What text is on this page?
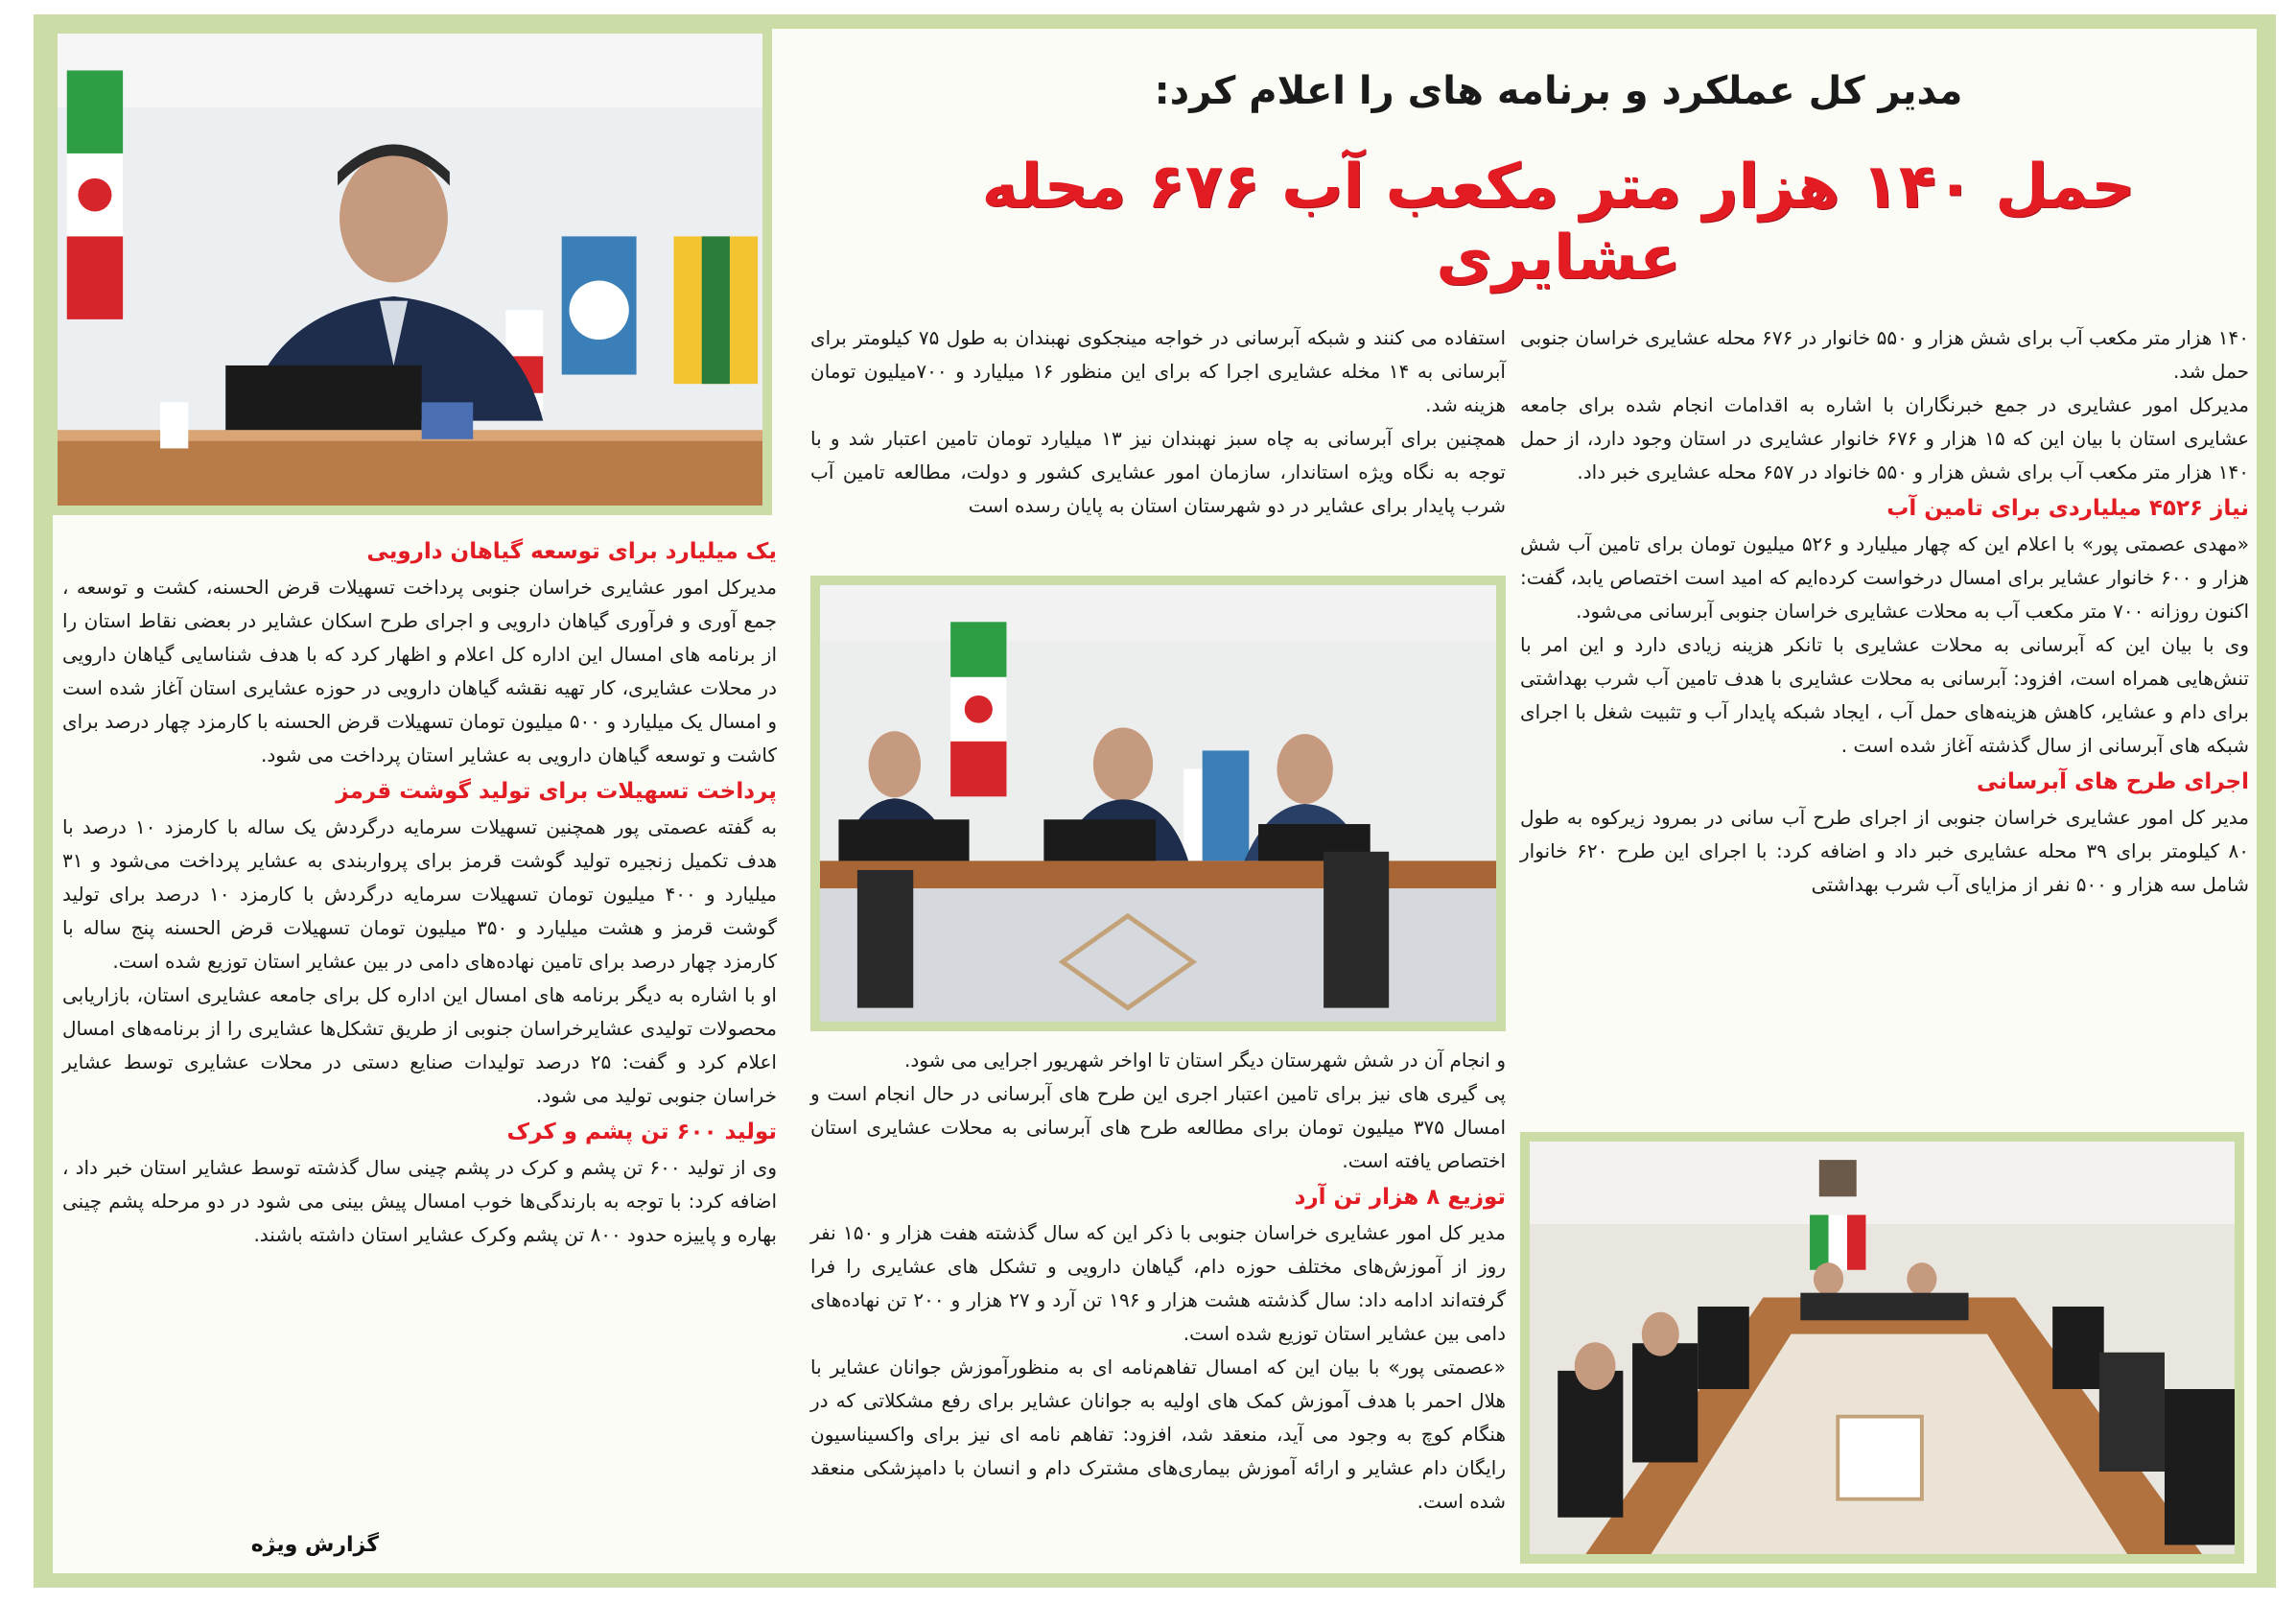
مدیر کل عملکرد و برنامه های را اعلام کرد:
حمل ۱۴۰ هزار متر مکعب آب ۶۷۶ محله عشایری

۱۴۰ هزار متر مکعب آب برای شش هزار و ۵۵۰ خانوار در ۶۷۶ محله عشایری خراسان جنوبی حمل شد.

مدیرکل امور عشایری در جمع خبرنگاران با اشاره به اقدامات انجام شده برای جامعه عشایری استان با بیان این که ۱۵ هزار و ۶۷۶ خانوار عشایری در استان وجود دارد، از حمل ۱۴۰ هزار متر مکعب آب برای شش هزار و ۵۵۰ خانواد در ۶۵۷ محله عشایری خبر داد.

نیاز ۴۵۲۶ میلیاردی برای تامین آب

«مهدی عصمتی پور» با اعلام این که چهار میلیارد و ۵۲۶ میلیون تومان برای تامین آب شش هزار و ۶۰۰ خانوار عشایر برای امسال درخواست کردەایم که امید است اختصاص یابد، گفت: اکنون روزانه ۷۰۰ متر مکعب آب به محلات عشایری خراسان جنوبی آبرسانی می‌شود.

وی با بیان این که آبرسانی به محلات عشایری با تانکر هزینه زیادی دارد و این امر با تنش‌هایی همراه است، افزود: آبرسانی به محلات عشایری با هدف تامین آب شرب بهداشتی برای دام و عشایر، کاهش هزینه‌های حمل آب ، ایجاد شبکه پایدار آب و تثبیت شغل با اجرای شبکه های آبرسانی از سال گذشته آغاز شده است .

اجرای طرح های آبرسانی

مدیر کل امور عشایری خراسان جنوبی از اجرای طرح آب سانی در بمرود زیرکوه به طول ۸۰ کیلومتر برای ۳۹ محله عشایری خبر داد و اضافه کرد: با اجرای این طرح ۶۲۰ خانوار شامل سه هزار و ۵۰۰ نفر از مزایای آب شرب بهداشتی

استفاده می کنند و شبکه آبرسانی در خواجه مینجکوی نهبندان به طول ۷۵ کیلومتر برای آبرسانی به ۱۴ مخله عشایری اجرا که برای این منظور ۱۶ میلیارد و ۷۰۰میلیون تومان هزینه شد.

همچنین برای آبرسانی به چاه سبز نهبندان نیز ۱۳ میلیارد تومان تامین اعتبار شد و با توجه به نگاه ویژه استاندار، سازمان امور عشایری کشور و دولت، مطالعه تامین آب شرب پایدار برای عشایر در دو شهرستان استان به پایان رسده است

و انجام آن در شش شهرستان دیگر استان تا اواخر شهریور اجرایی می شود.

پی گیری های نیز برای تامین اعتبار اجری این طرح های آبرسانی در حال انجام است و امسال ۳۷۵ میلیون تومان برای مطالعه طرح های آبرسانی به محلات عشایری استان اختصاص یافته است.

توزیع ۸ هزار تن آرد

مدیر کل امور عشایری خراسان جنوبی با ذکر این که سال گذشته هفت هزار و ۱۵۰ نفر روز از آموزش‌های مختلف حوزه دام، گیاهان دارویی و تشکل های عشایری را فرا گرفته‌اند ادامه داد: سال گذشته هشت هزار و ۱۹۶ تن آرد و ۲۷ هزار و ۲۰۰ تن نهاده‌های دامی بین عشایر استان توزیع شده است.

«عصمتی پور» با بیان این که امسال تفاهم‌نامه ای به منظورآموزش جوانان عشایر با هلال احمر با هدف آموزش کمک های اولیه به جوانان عشایر برای رفع مشکلاتی که در هنگام کوچ به وجود می آید، منعقد شد، افزود: تفاهم نامه ای نیز برای واکسیناسیون رایگان دام عشایر و ارائه آموزش بیماری‌های مشترک دام و انسان با دامپزشکی منعقد شده است.

یک میلیارد برای توسعه گیاهان دارویی

مدیرکل امور عشایری خراسان جنوبی پرداخت تسهیلات قرض الحسنه، کشت و توسعه ، جمع آوری و فرآوری گیاهان دارویی و اجرای طرح اسکان عشایر در بعضی نقاط استان را از برنامه های امسال این اداره کل اعلام و اظهار کرد که با هدف شناسایی گیاهان دارویی در محلات عشایری، کار تهیه نقشه گیاهان دارویی در حوزه عشایری استان آغاز شده است و امسال یک میلیارد و ۵۰۰ میلیون تومان تسهیلات قرض الحسنه با کارمزد چهار درصد برای کاشت و توسعه گیاهان دارویی به عشایر استان پرداخت می شود.

پرداخت تسهیلات برای تولید گوشت قرمز

به گفته عصمتی پور همچنین تسهیلات سرمایه درگردش یک ساله با کارمزد ۱۰ درصد با هدف تکمیل زنجیره تولید گوشت قرمز برای پرواربندی به عشایر پرداخت می‌شود و ۳۱ میلیارد و ۴۰۰ میلیون تومان تسهیلات سرمایه درگردش با کارمزد ۱۰ درصد برای تولید گوشت قرمز و هشت میلیارد و ۳۵۰ میلیون تومان تسهیلات قرض الحسنه پنج ساله با کارمزد چهار درصد برای تامین نهاده‌های دامی در بین عشایر استان توزیع شده است.

او با اشاره به دیگر برنامه های امسال این اداره کل برای جامعه عشایری استان، بازاریابی محصولات تولیدی عشایرخراسان جنوبی از طریق تشکل‌ها عشایری را از برنامه‌های امسال اعلام کرد و گفت: ۲۵ درصد تولیدات صنایع دستی در محلات عشایری توسط عشایر خراسان جنوبی تولید می شود.

تولید ۶۰۰ تن پشم و کرک

وی از تولید ۶۰۰ تن پشم و کرک در پشم چینی سال گذشته توسط عشایر استان خبر داد ، اضافه کرد: با توجه به بارندگی‌ها خوب امسال پیش بینی می شود در دو مرحله پشم چینی بهاره و پاییزه حدود ۸۰۰ تن پشم وکرک عشایر استان داشته باشند.

گزارش ویژه
